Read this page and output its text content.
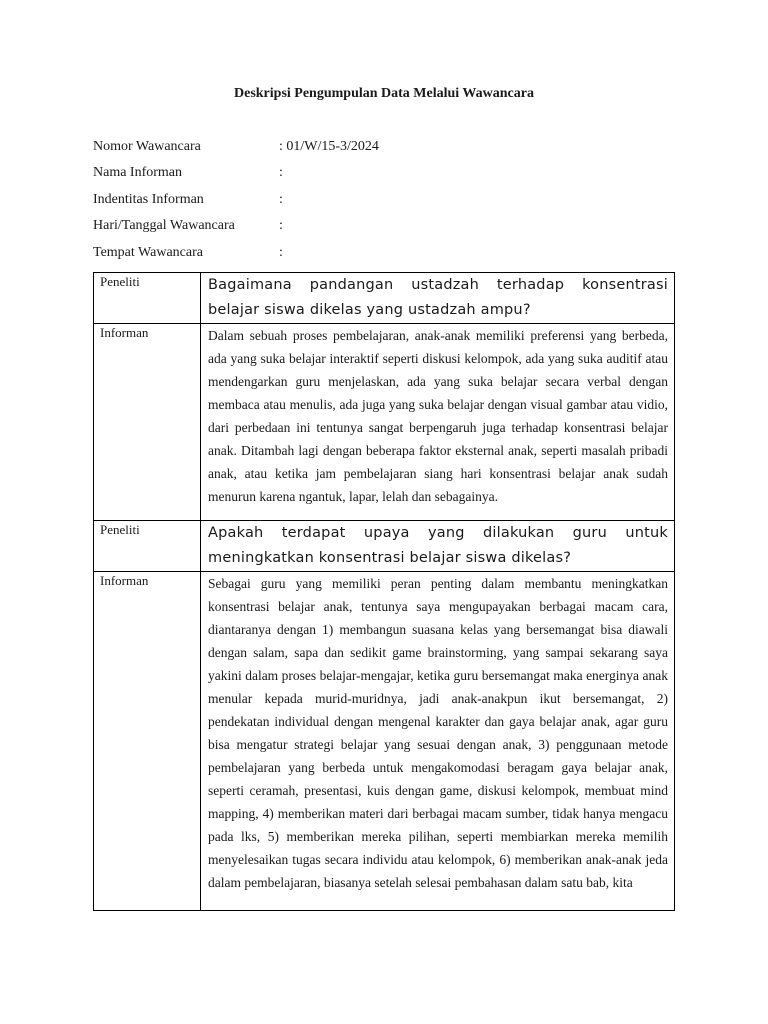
Deskripsi Pengumpulan Data Melalui Wawancara
Nomor Wawancara	: 01/W/15-3/2024
Nama Informan	:
Indentitas Informan	:
Hari/Tanggal Wawancara	:
Tempat Wawancara	:
Peneliti	Bagaimana pandangan ustadzah terhadap konsentrasi belajar siswa dikelas yang ustadzah ampu?

Informan	Dalam sebuah proses pembelajaran, anak-anak memiliki preferensi yang berbeda, ada yang suka belajar interaktif seperti diskusi kelompok, ada yang suka auditif atau mendengarkan guru menjelaskan, ada yang suka belajar secara verbal dengan membaca atau menulis, ada juga yang suka belajar dengan visual gambar atau vidio, dari perbedaan ini tentunya sangat berpengaruh juga terhadap konsentrasi belajar anak. Ditambah lagi dengan beberapa faktor eksternal anak, seperti masalah pribadi anak, atau ketika jam pembelajaran siang hari konsentrasi belajar anak sudah menurun karena ngantuk, lapar, lelah dan sebagainya.

Peneliti	Apakah terdapat upaya yang dilakukan guru untuk meningkatkan konsentrasi belajar siswa dikelas?

Informan	Sebagai guru yang memiliki peran penting dalam membantu meningkatkan konsentrasi belajar anak, tentunya saya mengupayakan berbagai macam cara, diantaranya dengan 1) membangun suasana kelas yang bersemangat bisa diawali dengan salam, sapa dan sedikit game brainstorming, yang sampai sekarang saya yakini dalam proses belajar-mengajar, ketika guru bersemangat maka energinya anak menular kepada murid-muridnya, jadi anak-anakpun ikut bersemangat, 2) pendekatan individual dengan mengenal karakter dan gaya belajar anak, agar guru bisa mengatur strategi belajar yang sesuai dengan anak, 3) penggunaan metode pembelajaran yang berbeda untuk mengakomodasi beragam gaya belajar anak, seperti ceramah, presentasi, kuis dengan game, diskusi kelompok, membuat mind mapping, 4) memberikan materi dari berbagai macam sumber, tidak hanya mengacu pada lks, 5) memberikan mereka pilihan, seperti membiarkan mereka memilih menyelesaikan tugas secara individu atau kelompok, 6) memberikan anak-anak jeda dalam pembelajaran, biasanya setelah selesai pembahasan dalam satu bab, kita
